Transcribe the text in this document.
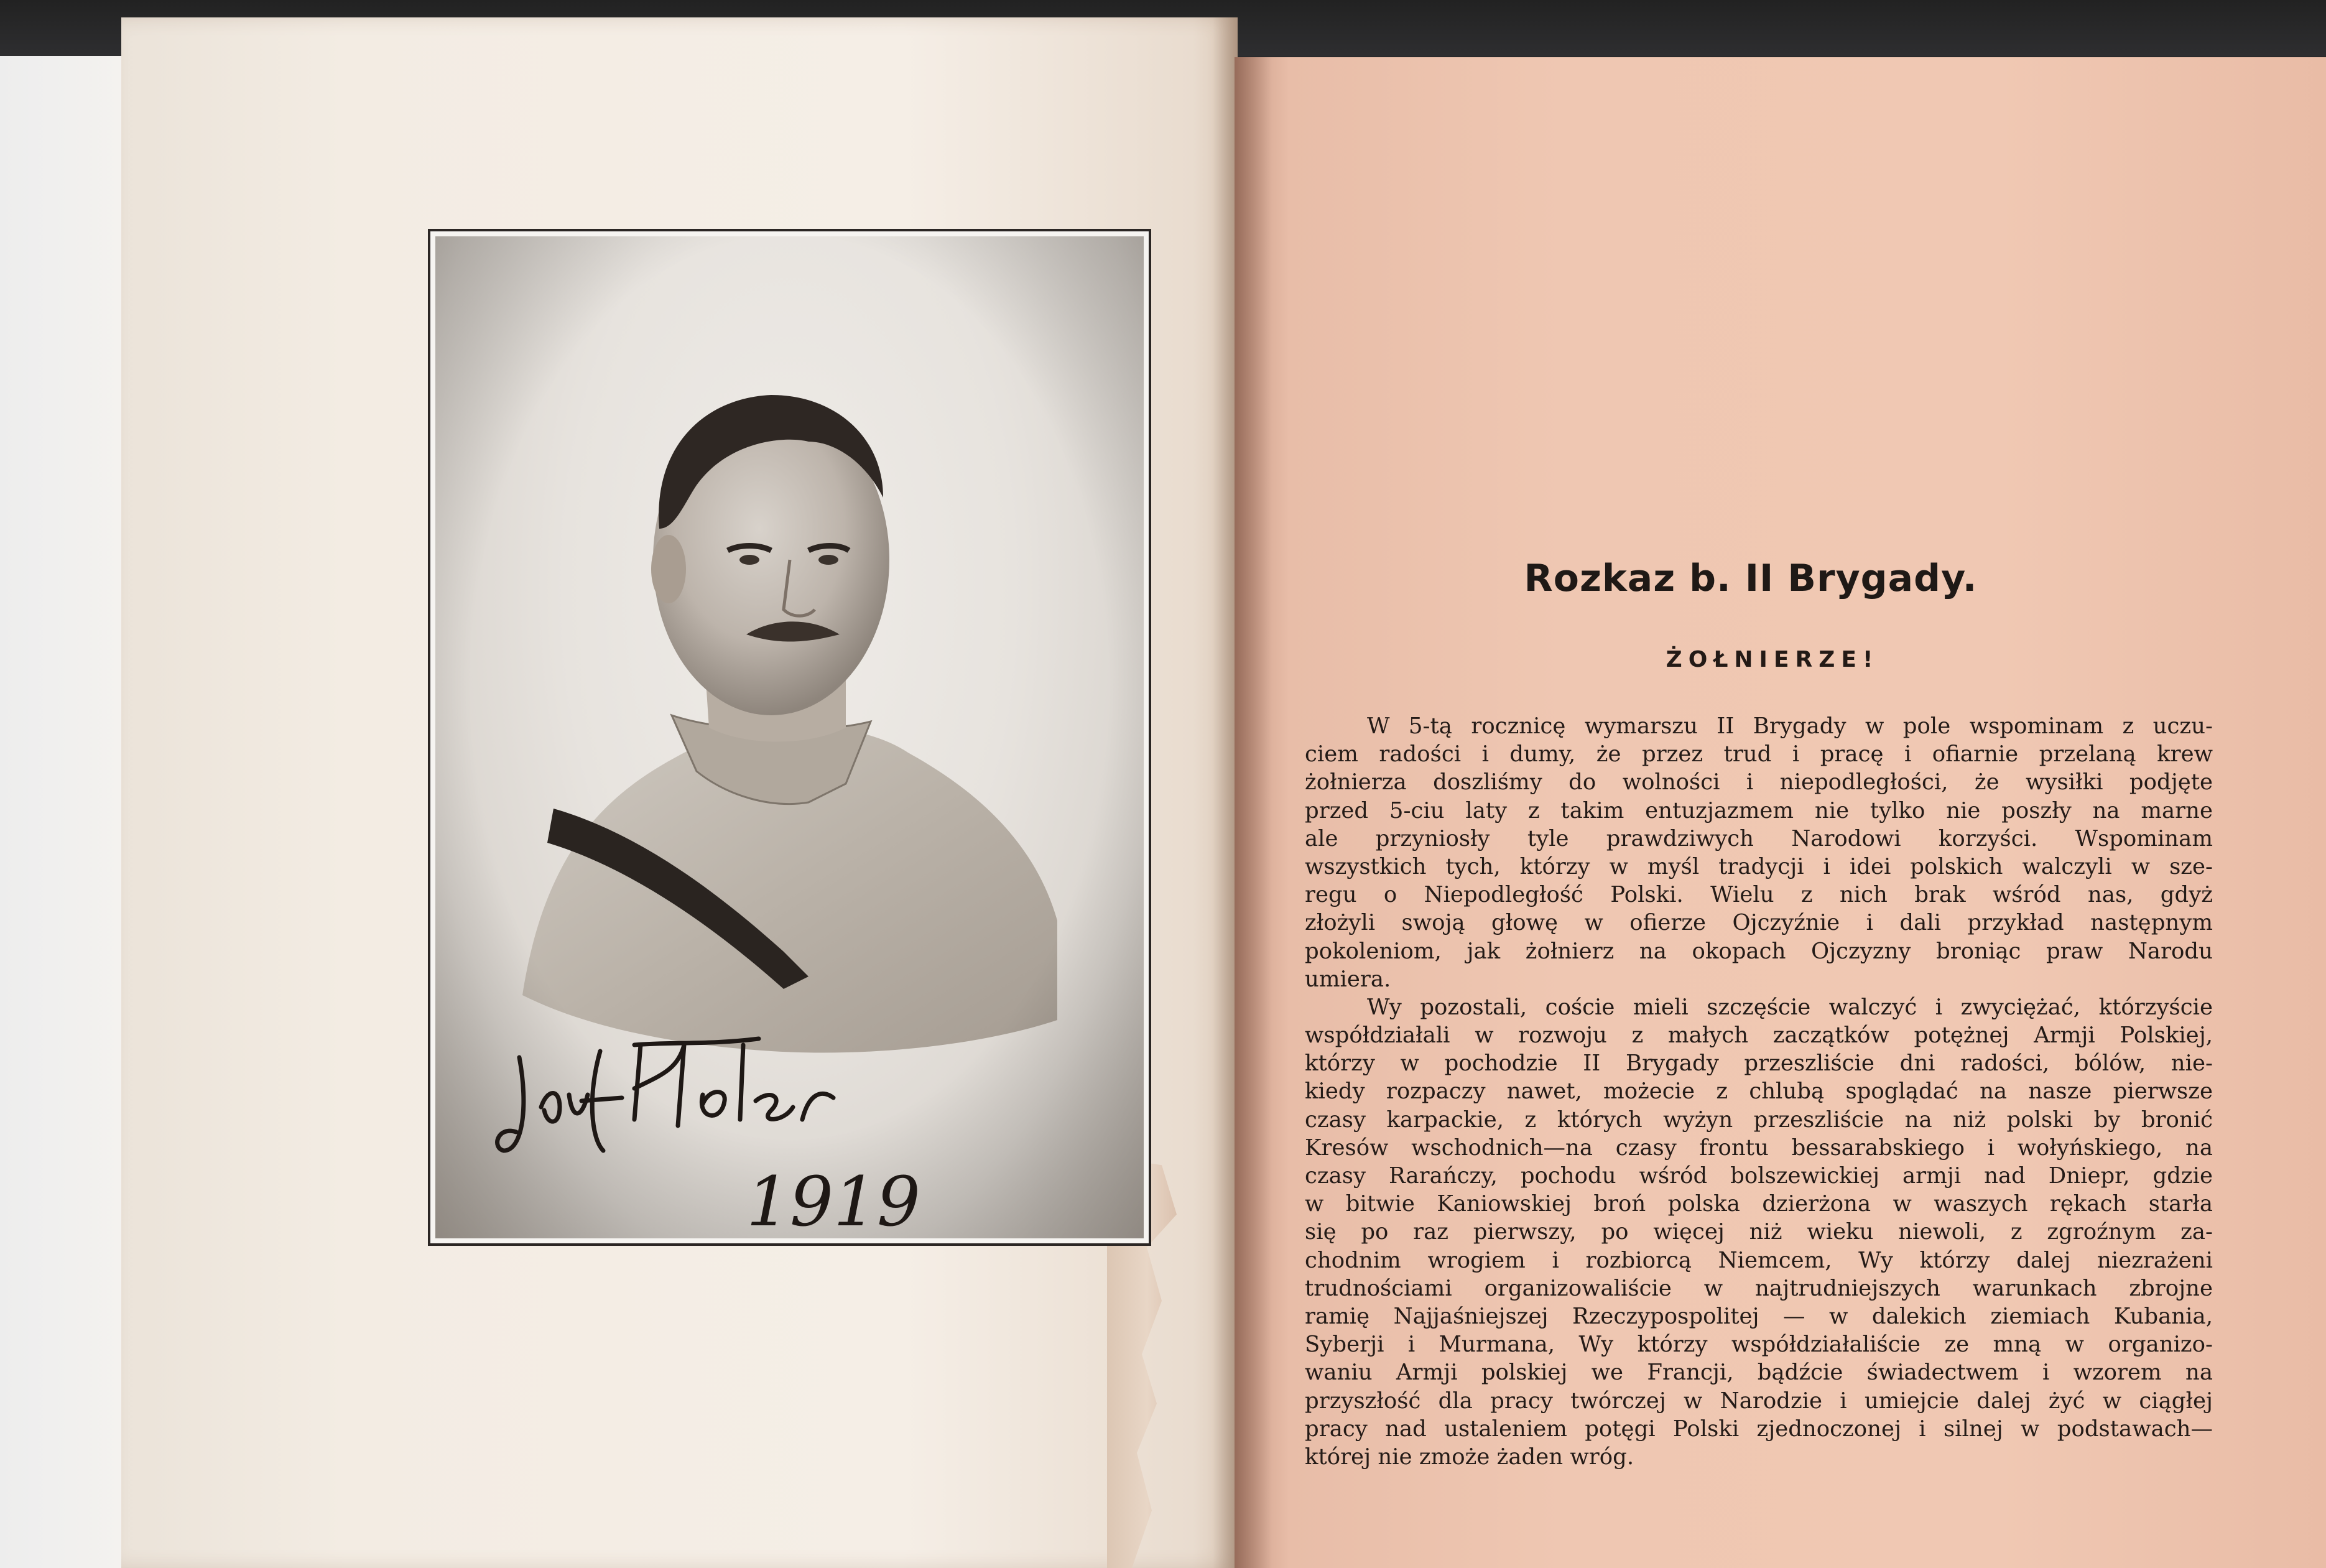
1919
Rozkaz b. II Brygady.
ŻOŁNIERZE!
W 5-tą rocznicę wymarszu II Brygady w pole wspominam z uczu-
ciem radości i dumy, że przez trud i pracę i ofiarnie przelaną krew
żołnierza doszliśmy do wolności i niepodległości, że wysiłki podjęte
przed 5-ciu laty z takim entuzjazmem nie tylko nie poszły na marne
ale przyniosły tyle prawdziwych Narodowi korzyści. Wspominam
wszystkich tych, którzy w myśl tradycji i idei polskich walczyli w sze-
regu o Niepodległość Polski. Wielu z nich brak wśród nas, gdyż
złożyli swoją głowę w ofierze Ojczyźnie i dali przykład następnym
pokoleniom, jak żołnierz na okopach Ojczyzny broniąc praw Narodu
umiera.
Wy pozostali, coście mieli szczęście walczyć i zwyciężać, którzyście
współdziałali w rozwoju z małych zaczątków potężnej Armji Polskiej,
którzy w pochodzie II Brygady przeszliście dni radości, bólów, nie-
kiedy rozpaczy nawet, możecie z chlubą spoglądać na nasze pierwsze
czasy karpackie, z których wyżyn przeszliście na niż polski by bronić
Kresów wschodnich—na czasy frontu bessarabskiego i wołyńskiego, na
czasy Rarańczy, pochodu wśród bolszewickiej armji nad Dniepr, gdzie
w bitwie Kaniowskiej broń polska dzierżona w waszych rękach starła
się po raz pierwszy, po więcej niż wieku niewoli, z zgroźnym za-
chodnim wrogiem i rozbiorcą Niemcem, Wy którzy dalej niezrażeni
trudnościami organizowaliście w najtrudniejszych warunkach zbrojne
ramię Najjaśniejszej Rzeczypospolitej — w dalekich ziemiach Kubania,
Syberji i Murmana, Wy którzy współdziałaliście ze mną w organizo-
waniu Armji polskiej we Francji, bądźcie świadectwem i wzorem na
przyszłość dla pracy twórczej w Narodzie i umiejcie dalej żyć w ciągłej
pracy nad ustaleniem potęgi Polski zjednoczonej i silnej w podstawach—
której nie zmoże żaden wróg.
